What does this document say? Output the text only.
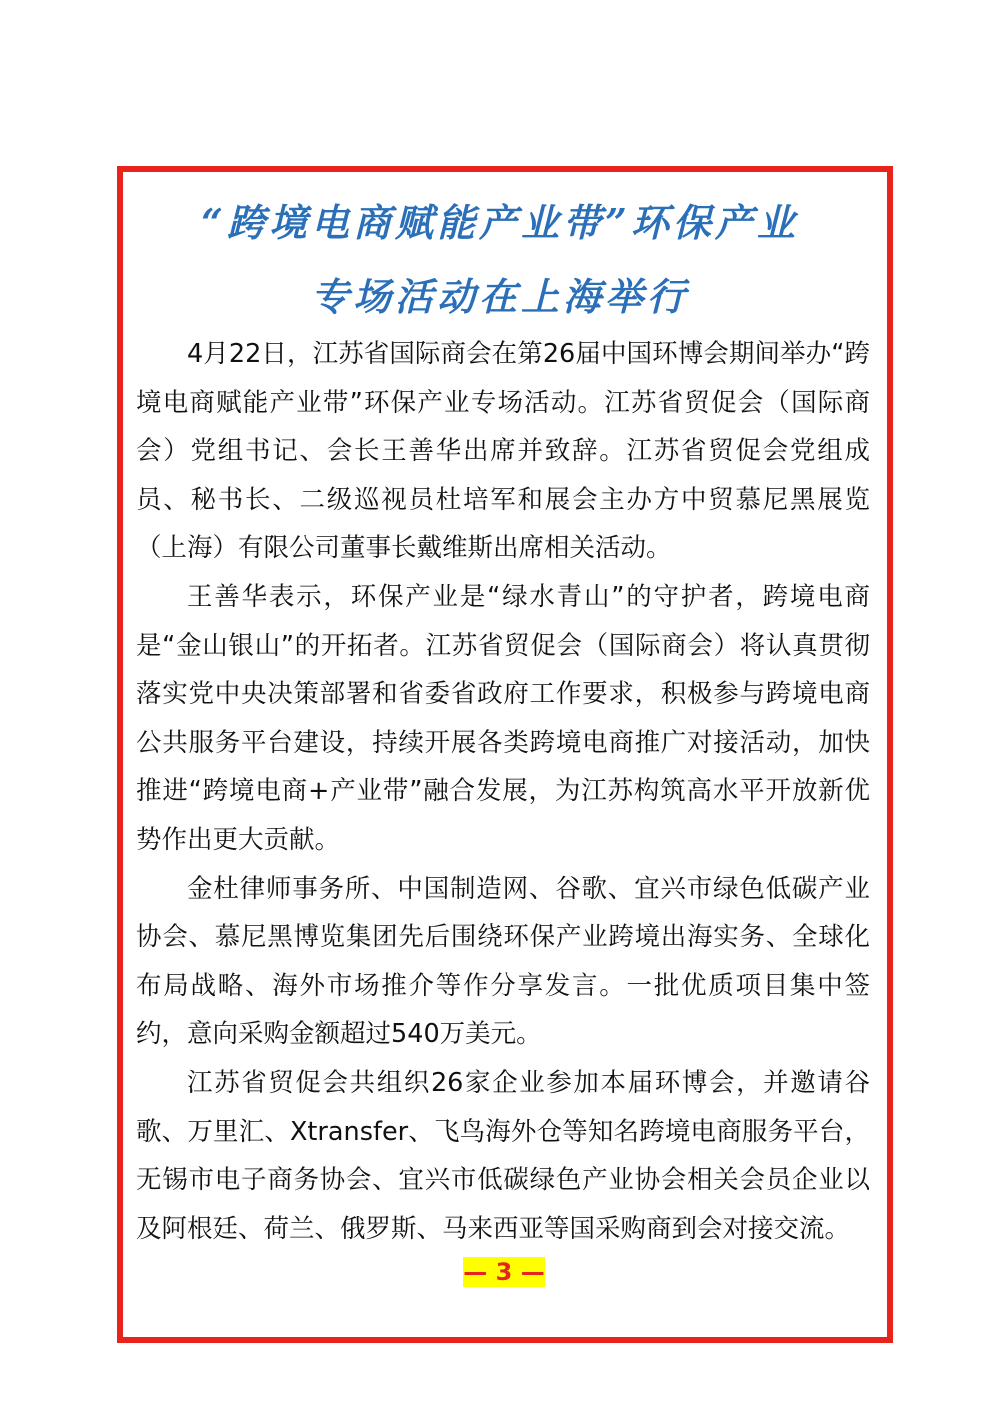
“跨境电商赋能产业带”环保产业
专场活动在上海举行

4月22日，江苏省国际商会在第26届中国环博会期间举办“跨境电商赋能产业带”环保产业专场活动。江苏省贸促会（国际商会）党组书记、会长王善华出席并致辞。江苏省贸促会党组成员、秘书长、二级巡视员杜培军和展会主办方中贸慕尼黑展览（上海）有限公司董事长戴维斯出席相关活动。

王善华表示，环保产业是“绿水青山”的守护者，跨境电商是“金山银山”的开拓者。江苏省贸促会（国际商会）将认真贯彻落实党中央决策部署和省委省政府工作要求，积极参与跨境电商公共服务平台建设，持续开展各类跨境电商推广对接活动，加快推进“跨境电商+产业带”融合发展，为江苏构筑高水平开放新优势作出更大贡献。

金杜律师事务所、中国制造网、谷歌、宜兴市绿色低碳产业协会、慕尼黑博览集团先后围绕环保产业跨境出海实务、全球化布局战略、海外市场推介等作分享发言。一批优质项目集中签约，意向采购金额超过540万美元。

江苏省贸促会共组织26家企业参加本届环博会，并邀请谷歌、万里汇、Xtransfer、飞鸟海外仓等知名跨境电商服务平台，无锡市电子商务协会、宜兴市低碳绿色产业协会相关会员企业以及阿根廷、荷兰、俄罗斯、马来西亚等国采购商到会对接交流。

— 3 —
